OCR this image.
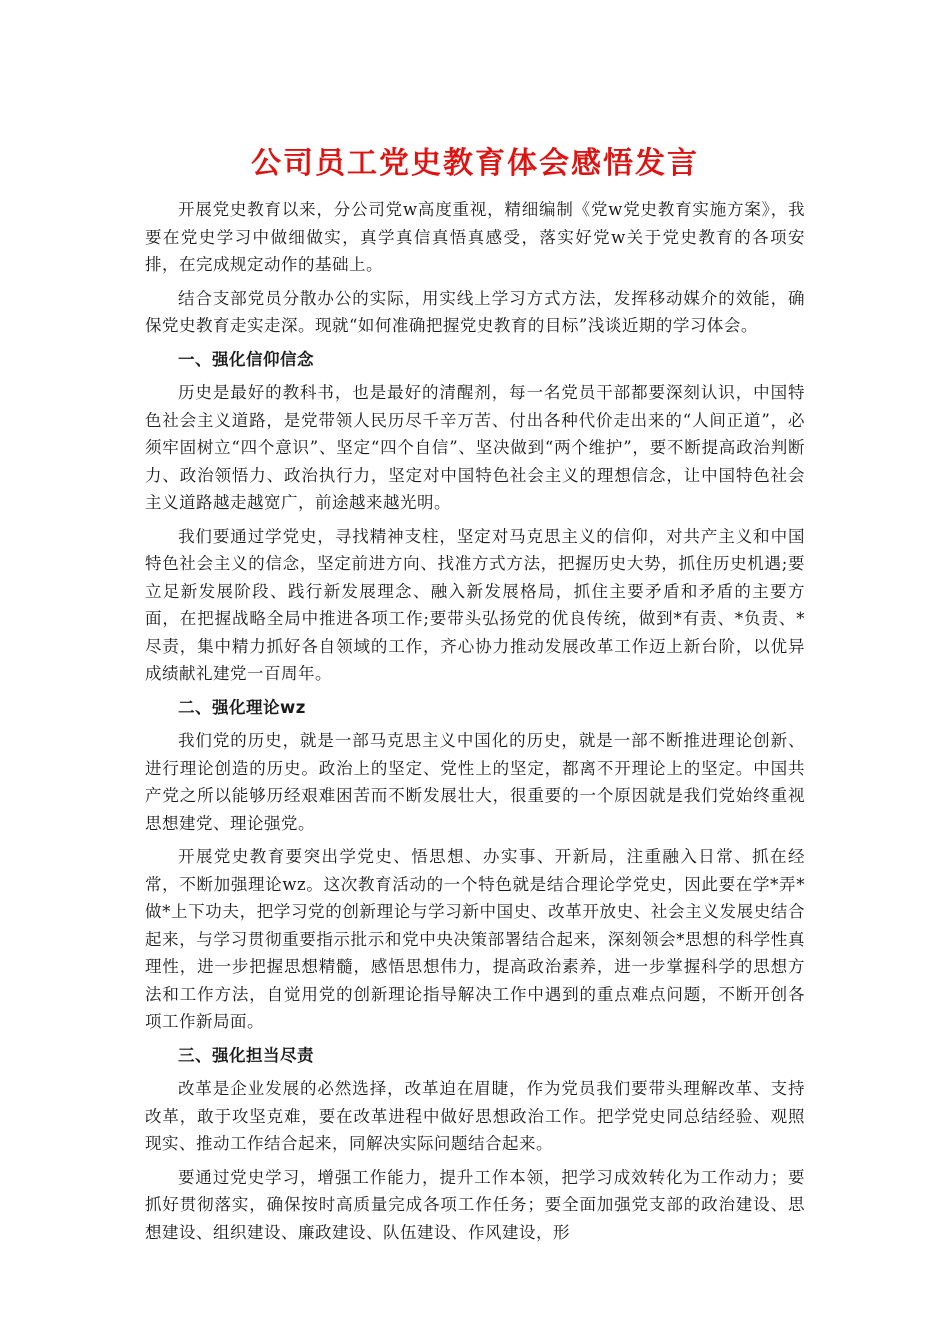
公司员工党史教育体会感悟发言

开展党史教育以来，分公司党w高度重视，精细编制《党w党史教育实施方案》，我要在党史学习中做细做实，真学真信真悟真感受，落实好党w关于党史教育的各项安排，在完成规定动作的基础上。

结合支部党员分散办公的实际，用实线上学习方式方法，发挥移动媒介的效能，确保党史教育走实走深。现就“如何准确把握党史教育的目标”浅谈近期的学习体会。

一、强化信仰信念

历史是最好的教科书，也是最好的清醒剂，每一名党员干部都要深刻认识，中国特色社会主义道路，是党带领人民历尽千辛万苦、付出各种代价走出来的“人间正道”，必须牢固树立“四个意识”、坚定“四个自信”、坚决做到“两个维护”，要不断提高政治判断力、政治领悟力、政治执行力，坚定对中国特色社会主义的理想信念，让中国特色社会主义道路越走越宽广，前途越来越光明。

我们要通过学党史，寻找精神支柱，坚定对马克思主义的信仰，对共产主义和中国特色社会主义的信念，坚定前进方向、找准方式方法，把握历史大势，抓住历史机遇;要立足新发展阶段、践行新发展理念、融入新发展格局，抓住主要矛盾和矛盾的主要方面，在把握战略全局中推进各项工作;要带头弘扬党的优良传统，做到*有责、*负责、*尽责，集中精力抓好各自领域的工作，齐心协力推动发展改革工作迈上新台阶，以优异成绩献礼建党一百周年。

二、强化理论wz

我们党的历史，就是一部马克思主义中国化的历史，就是一部不断推进理论创新、进行理论创造的历史。政治上的坚定、党性上的坚定，都离不开理论上的坚定。中国共产党之所以能够历经艰难困苦而不断发展壮大，很重要的一个原因就是我们党始终重视思想建党、理论强党。

开展党史教育要突出学党史、悟思想、办实事、开新局，注重融入日常、抓在经常，不断加强理论wz。这次教育活动的一个特色就是结合理论学党史，因此要在学*弄*做*上下功夫，把学习党的创新理论与学习新中国史、改革开放史、社会主义发展史结合起来，与学习贯彻重要指示批示和党中央决策部署结合起来，深刻领会*思想的科学性真理性，进一步把握思想精髓，感悟思想伟力，提高政治素养，进一步掌握科学的思想方法和工作方法，自觉用党的创新理论指导解决工作中遇到的重点难点问题，不断开创各项工作新局面。

三、强化担当尽责

改革是企业发展的必然选择，改革迫在眉睫，作为党员我们要带头理解改革、支持改革，敢于攻坚克难，要在改革进程中做好思想政治工作。把学党史同总结经验、观照现实、推动工作结合起来，同解决实际问题结合起来。

要通过党史学习，增强工作能力，提升工作本领，把学习成效转化为工作动力；要抓好贯彻落实，确保按时高质量完成各项工作任务；要全面加强党支部的政治建设、思想建设、组织建设、廉政建设、队伍建设、作风建设，形
